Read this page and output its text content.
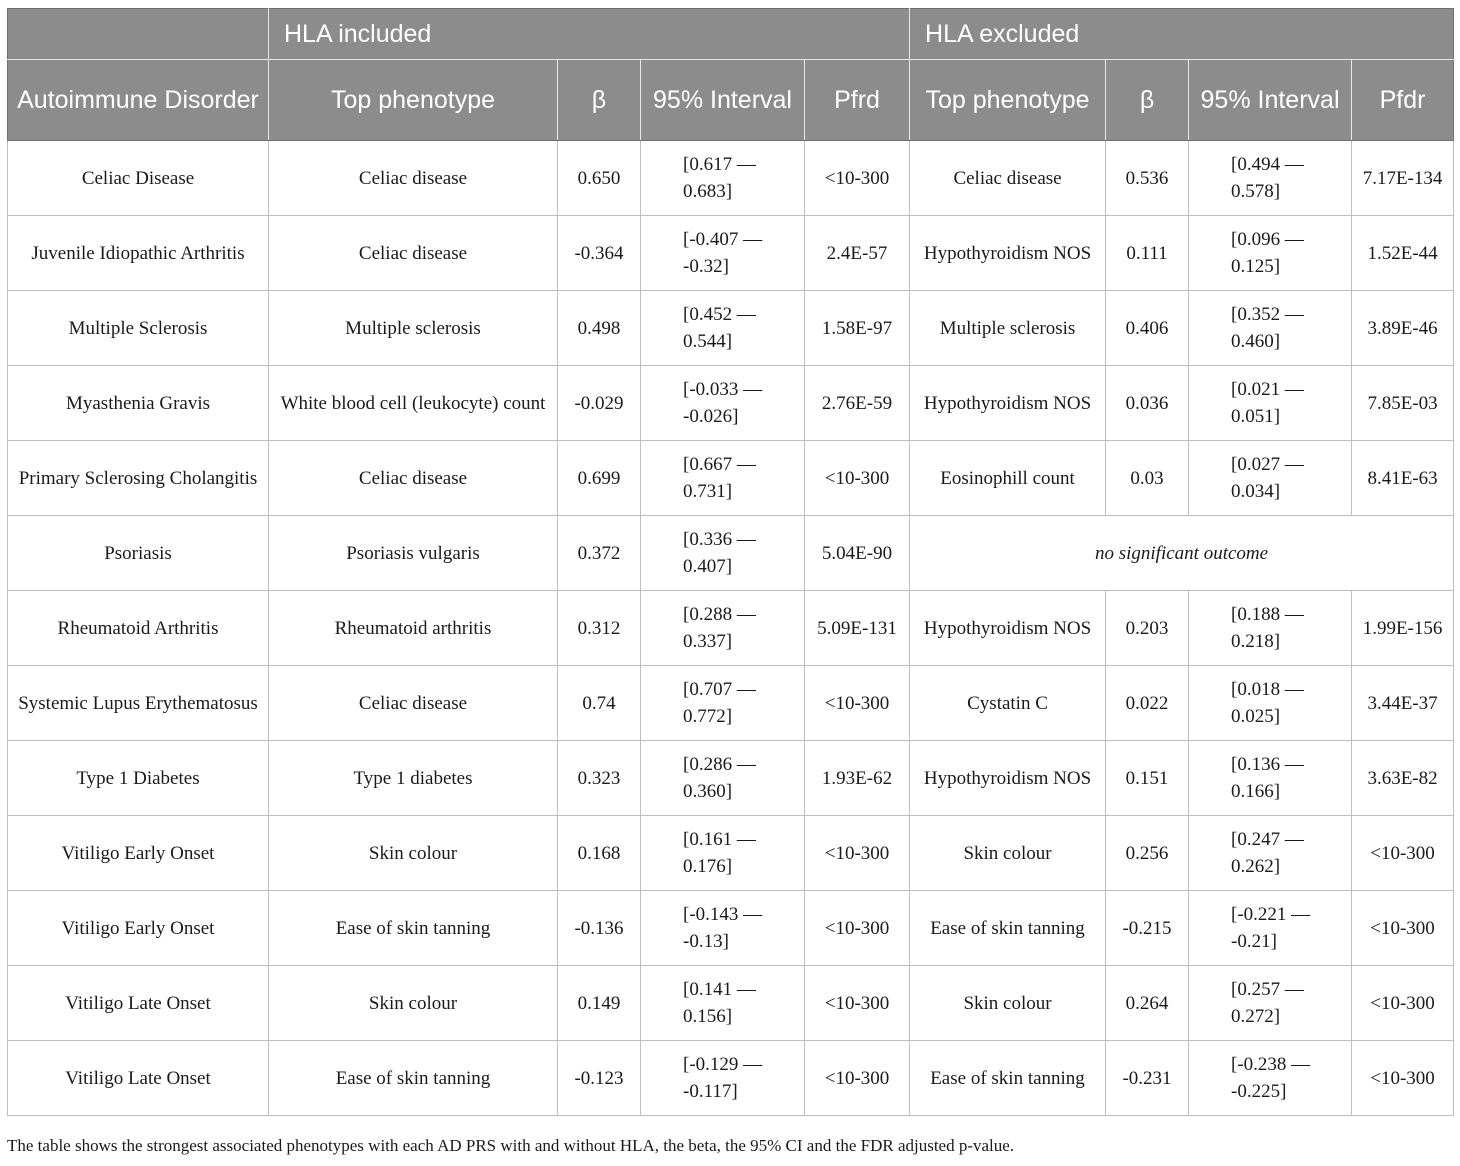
	HLA included				HLA excluded			
Autoimmune Disorder	Top phenotype	β	95% Interval	Pfrd	Top phenotype	β	95% Interval	Pfdr
Celiac Disease	Celiac disease	0.650	[0.617 — 0.683]	<10-300	Celiac disease	0.536	[0.494 — 0.578]	7.17E-134
Juvenile Idiopathic Arthritis	Celiac disease	-0.364	[-0.407 — -0.32]	2.4E-57	Hypothyroidism NOS	0.111	[0.096 — 0.125]	1.52E-44
Multiple Sclerosis	Multiple sclerosis	0.498	[0.452 — 0.544]	1.58E-97	Multiple sclerosis	0.406	[0.352 — 0.460]	3.89E-46
Myasthenia Gravis	White blood cell (leukocyte) count	-0.029	[-0.033 — -0.026]	2.76E-59	Hypothyroidism NOS	0.036	[0.021 — 0.051]	7.85E-03
Primary Sclerosing Cholangitis	Celiac disease	0.699	[0.667 — 0.731]	<10-300	Eosinophill count	0.03	[0.027 — 0.034]	8.41E-63
Psoriasis	Psoriasis vulgaris	0.372	[0.336 — 0.407]	5.04E-90	no significant outcome			
Rheumatoid Arthritis	Rheumatoid arthritis	0.312	[0.288 — 0.337]	5.09E-131	Hypothyroidism NOS	0.203	[0.188 — 0.218]	1.99E-156
Systemic Lupus Erythematosus	Celiac disease	0.74	[0.707 — 0.772]	<10-300	Cystatin C	0.022	[0.018 — 0.025]	3.44E-37
Type 1 Diabetes	Type 1 diabetes	0.323	[0.286 — 0.360]	1.93E-62	Hypothyroidism NOS	0.151	[0.136 — 0.166]	3.63E-82
Vitiligo Early Onset	Skin colour	0.168	[0.161 — 0.176]	<10-300	Skin colour	0.256	[0.247 — 0.262]	<10-300
Vitiligo Early Onset	Ease of skin tanning	-0.136	[-0.143 — -0.13]	<10-300	Ease of skin tanning	-0.215	[-0.221 — -0.21]	<10-300
Vitiligo Late Onset	Skin colour	0.149	[0.141 — 0.156]	<10-300	Skin colour	0.264	[0.257 — 0.272]	<10-300
Vitiligo Late Onset	Ease of skin tanning	-0.123	[-0.129 — -0.117]	<10-300	Ease of skin tanning	-0.231	[-0.238 — -0.225]	<10-300
The table shows the strongest associated phenotypes with each AD PRS with and without HLA, the beta, the 95% CI and the FDR adjusted p-value.
